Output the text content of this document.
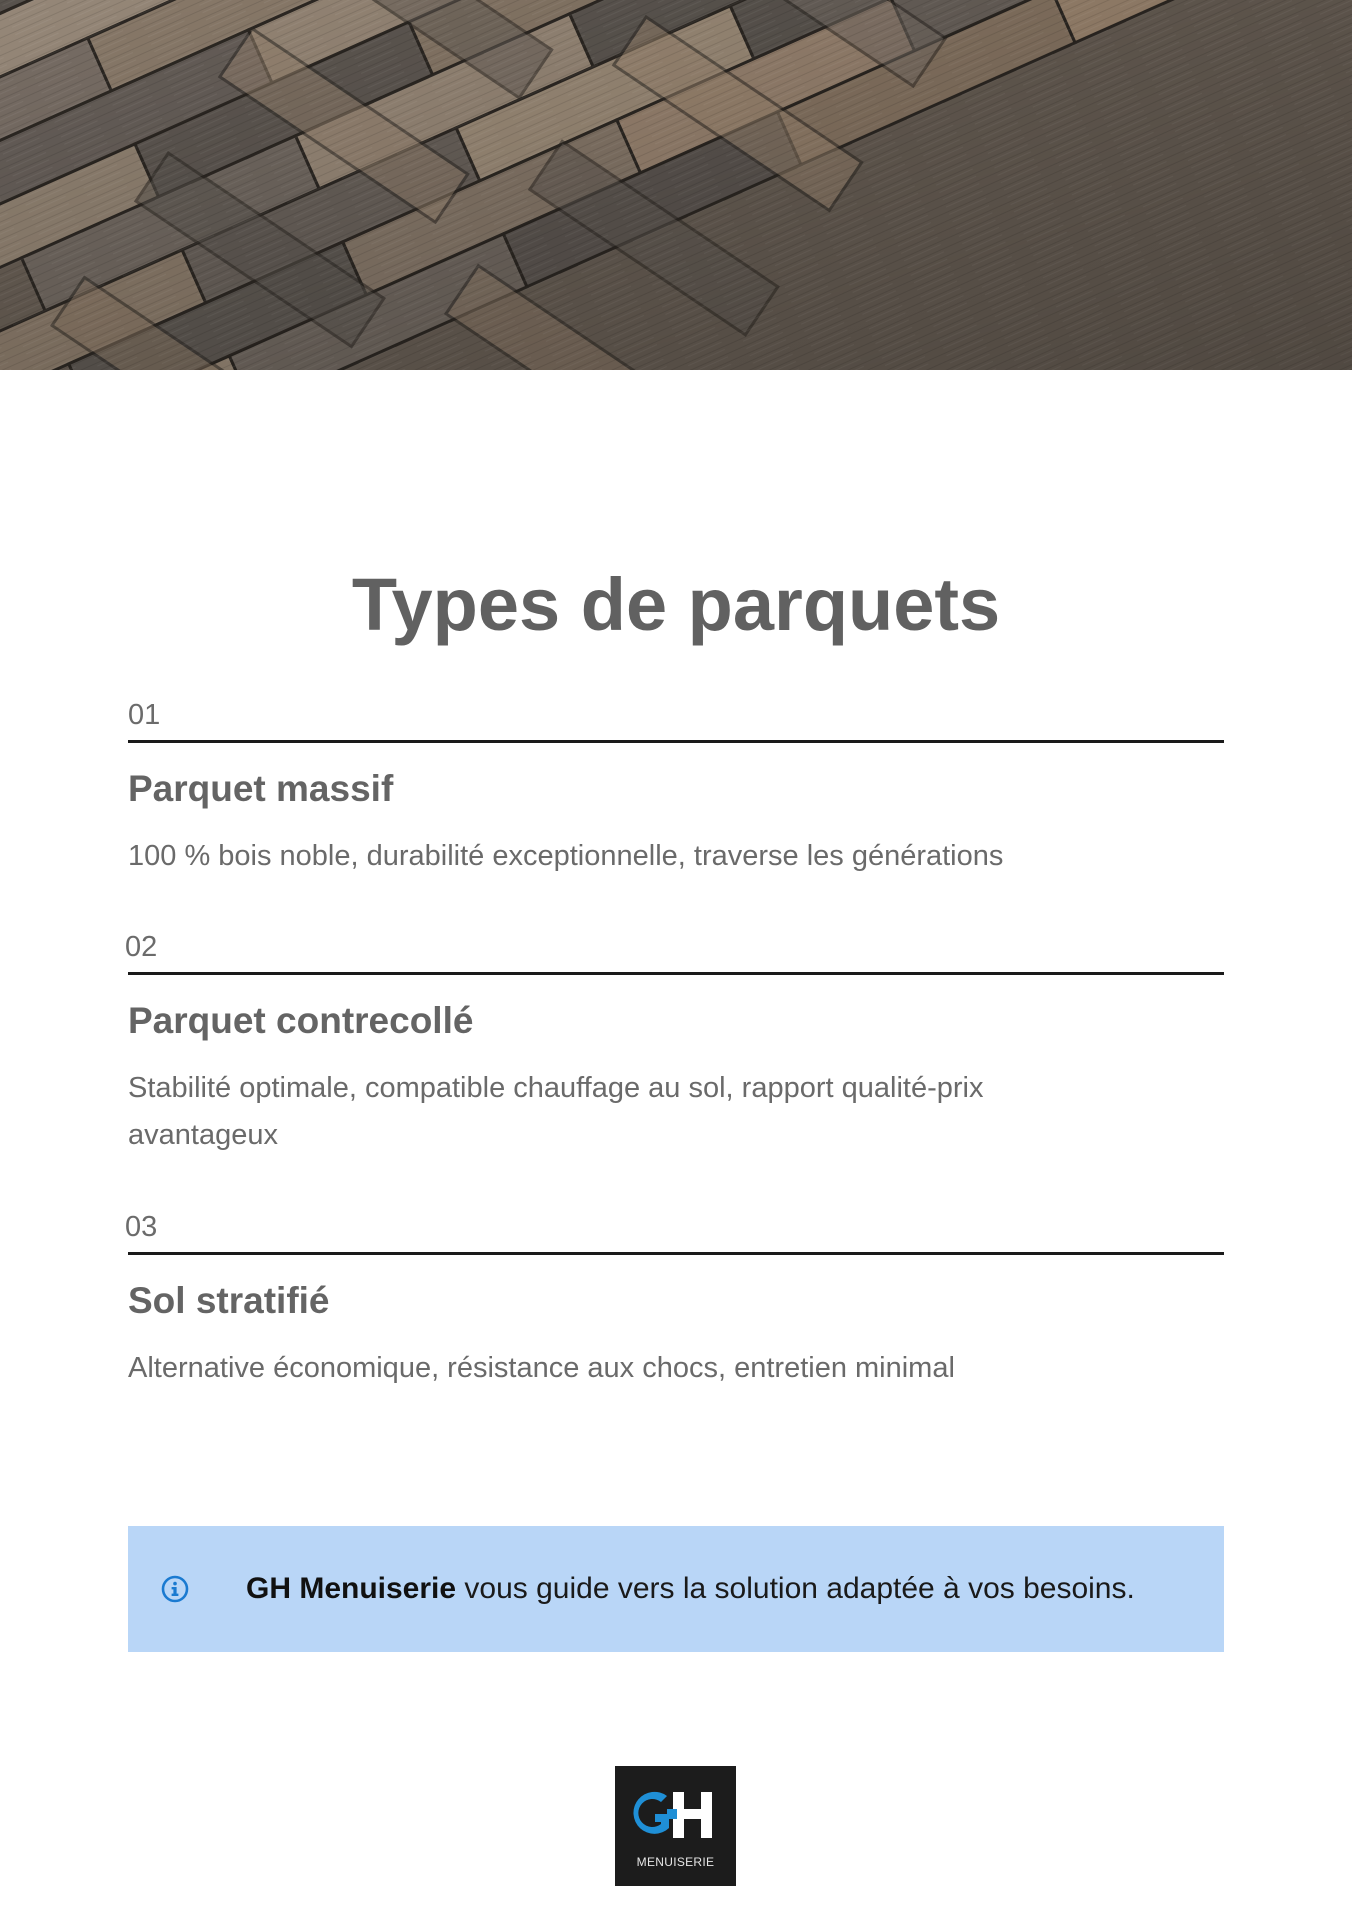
Types de parquets
01
Parquet massif
100 % bois noble, durabilité exceptionnelle, traverse les générations
02
Parquet contrecollé
Stabilité optimale, compatible chauffage au sol, rapport qualité-prix avantageux
03
Sol stratifié
Alternative économique, résistance aux chocs, entretien minimal
GH Menuiserie vous guide vers la solution adaptée à vos besoins.
MENUISERIE
